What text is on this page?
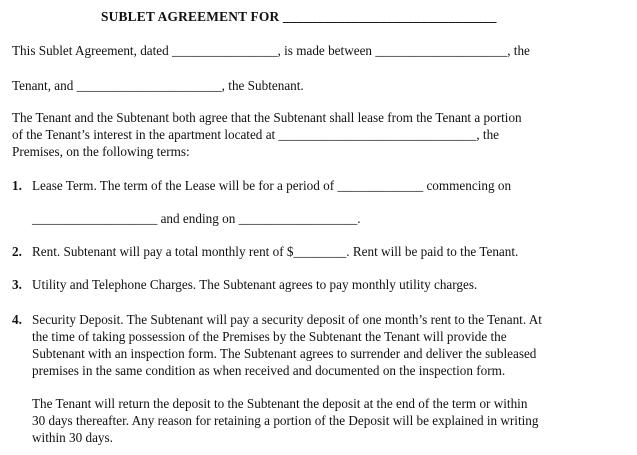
SUBLET AGREEMENT FOR _______________________________
This Sublet Agreement, dated ________________, is made between ____________________, the
Tenant, and ______________________, the Subtenant.
The Tenant and the Subtenant both agree that the Subtenant shall lease from the Tenant a portion
of the Tenant’s interest in the apartment located at ______________________________, the
Premises, on the following terms:
1. Lease Term. The term of the Lease will be for a period of _____________ commencing on
___________________ and ending on __________________.
2. Rent. Subtenant will pay a total monthly rent of $________. Rent will be paid to the Tenant.
3. Utility and Telephone Charges. The Subtenant agrees to pay monthly utility charges.
4. Security Deposit. The Subtenant will pay a security deposit of one month’s rent to the Tenant. At
the time of taking possession of the Premises by the Subtenant the Tenant will provide the
Subtenant with an inspection form. The Subtenant agrees to surrender and deliver the subleased
premises in the same condition as when received and documented on the inspection form.
The Tenant will return the deposit to the Subtenant the deposit at the end of the term or within
30 days thereafter. Any reason for retaining a portion of the Deposit will be explained in writing
within 30 days.
